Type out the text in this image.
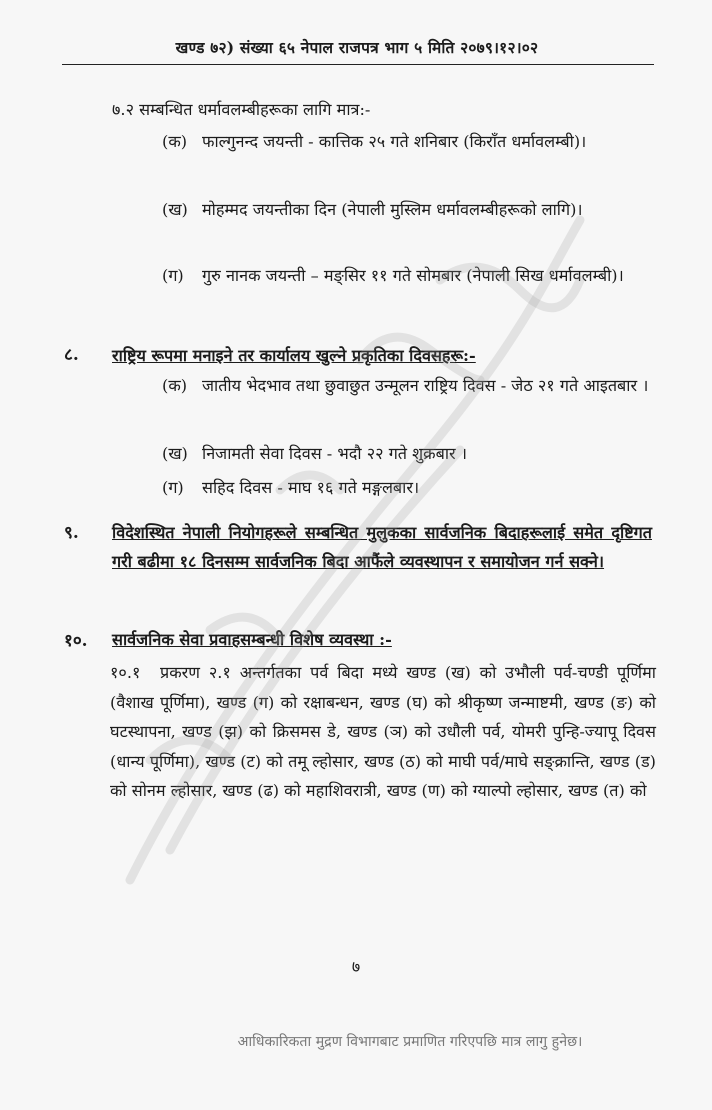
खण्ड ७२) संख्या ६५ नेपाल राजपत्र भाग ५ मिति २०७९।१२।०२
७.२ सम्बन्धित धर्मावलम्बीहरूका लागि मात्र:-
(क) फाल्गुनन्द जयन्ती - कात्तिक २५ गते शनिबार (किराँत धर्मावलम्बी)।
(ख) मोहम्मद जयन्तीका दिन (नेपाली मुस्लिम धर्मावलम्बीहरूको लागि)।
(ग) गुरु नानक जयन्ती – मङ्सिर ११ गते सोमबार (नेपाली सिख धर्मावलम्बी)।
८. राष्ट्रिय रूपमा मनाइने तर कार्यालय खुल्ने प्रकृतिका दिवसहरू:-
(क) जातीय भेदभाव तथा छुवाछुत उन्मूलन राष्ट्रिय दिवस - जेठ २१ गते आइतबार ।
(ख) निजामती सेवा दिवस - भदौ २२ गते शुक्रबार ।
(ग) सहिद दिवस - माघ १६ गते मङ्गलबार।
९. विदेशस्थित नेपाली नियोगहरूले सम्बन्धित मुलुकका सार्वजनिक बिदाहरूलाई समेत दृष्टिगत गरी बढीमा १८ दिनसम्म सार्वजनिक बिदा आफैंले व्यवस्थापन र समायोजन गर्न सक्ने।
१०. सार्वजनिक सेवा प्रवाहसम्बन्धी विशेष व्यवस्था :-
१०.१	प्रकरण २.१ अन्तर्गतका पर्व बिदा मध्ये खण्ड (ख) को उभौली पर्व-चण्डी पूर्णिमा (वैशाख पूर्णिमा), खण्ड (ग) को रक्षाबन्धन, खण्ड (घ) को श्रीकृष्ण जन्माष्टमी, खण्ड (ङ) को घटस्थापना, खण्ड (झ) को क्रिसमस डे, खण्ड (ञ) को उधौली पर्व, योमरी पुन्हि-ज्यापू दिवस (धान्य पूर्णिमा), खण्ड (ट) को तमू ल्होसार, खण्ड (ठ) को माघी पर्व/माघे सङ्क्रान्ति, खण्ड (ड) को सोनम ल्होसार, खण्ड (ढ) को महाशिवरात्री, खण्ड (ण) को ग्याल्पो ल्होसार, खण्ड (त) को
७
आधिकारिकता मुद्रण विभागबाट प्रमाणित गरिएपछि मात्र लागु हुनेछ।
